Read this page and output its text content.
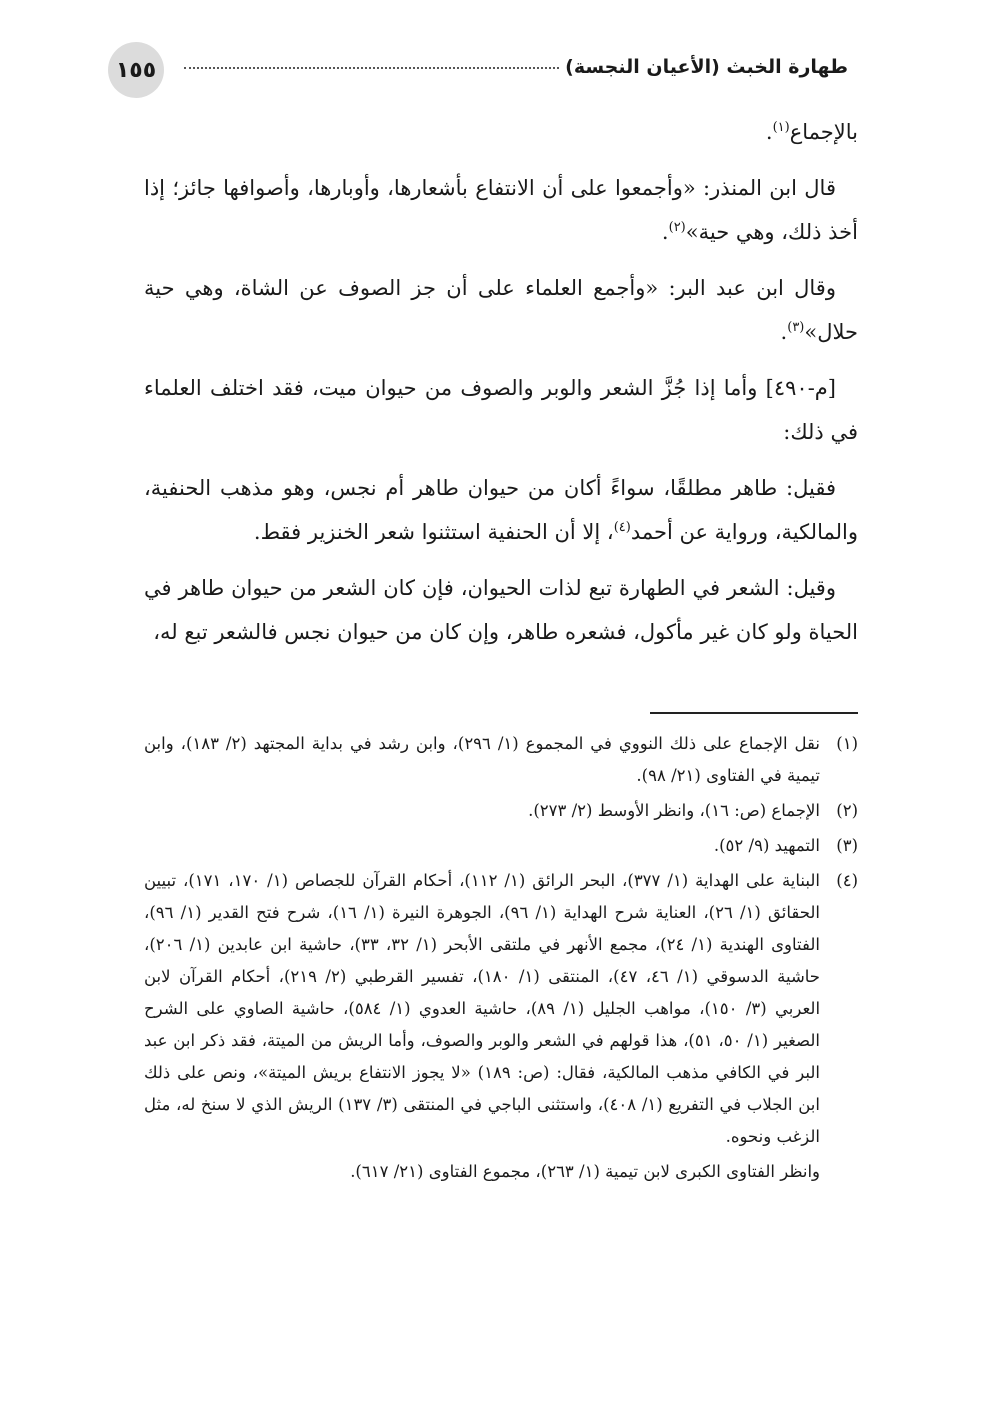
١٥٥	طهارة الخبث (الأعيان النجسة)

بالإجماع$^{(١)}$.

قال ابن المنذر: «وأجمعوا على أن الانتفاع بأشعارها، وأوبارها، وأصوافها جائز؛ إذا أخذ ذلك، وهي حية»$^{(٢)}$.

وقال ابن عبد البر: «وأجمع العلماء على أن جز الصوف عن الشاة، وهي حية حلال»$^{(٣)}$.

[م-٤٩٠] وأما إذا جُزَّ الشعر والوبر والصوف من حيوان ميت، فقد اختلف العلماء في ذلك:

فقيل: طاهر مطلقًا، سواءً أكان من حيوان طاهر أم نجس، وهو مذهب الحنفية، والمالكية، ورواية عن أحمد$^{(٤)}$، إلا أن الحنفية استثنوا شعر الخنزير فقط.

وقيل: الشعر في الطهارة تبع لذات الحيوان، فإن كان الشعر من حيوان طاهر في الحياة ولو كان غير مأكول، فشعره طاهر، وإن كان من حيوان نجس فالشعر تبع له،

(١)
نقل الإجماع على ذلك النووي في المجموع (١/ ٢٩٦)، وابن رشد في بداية المجتهد (٢/ ١٨٣)، وابن تيمية في الفتاوى (٢١/ ٩٨).
(٢)
الإجماع (ص: ١٦)، وانظر الأوسط (٢/ ٢٧٣).
(٣)
التمهيد (٩/ ٥٢).
(٤)
البناية على الهداية (١/ ٣٧٧)، البحر الرائق (١/ ١١٢)، أحكام القرآن للجصاص (١/ ١٧٠، ١٧١)، تبيين الحقائق (١/ ٢٦)، العناية شرح الهداية (١/ ٩٦)، الجوهرة النيرة (١/ ١٦)، شرح فتح القدير (١/ ٩٦)، الفتاوى الهندية (١/ ٢٤)، مجمع الأنهر في ملتقى الأبحر (١/ ٣٢، ٣٣)، حاشية ابن عابدين (١/ ٢٠٦)، حاشية الدسوقي (١/ ٤٦، ٤٧)، المنتقى (١/ ١٨٠)، تفسير القرطبي (٢/ ٢١٩)، أحكام القرآن لابن العربي (٣/ ١٥٠)، مواهب الجليل (١/ ٨٩)، حاشية العدوي (١/ ٥٨٤)، حاشية الصاوي على الشرح الصغير (١/ ٥٠، ٥١)، هذا قولهم في الشعر والوبر والصوف، وأما الريش من الميتة، فقد ذكر ابن عبد البر في الكافي مذهب المالكية، فقال: (ص: ١٨٩) «لا يجوز الانتفاع بريش الميتة»، ونص على ذلك ابن الجلاب في التفريع (١/ ٤٠٨)، واستثنى الباجي في المنتقى (٣/ ١٣٧) الريش الذي لا سنخ له، مثل الزغب ونحوه.
وانظر الفتاوى الكبرى لابن تيمية (١/ ٢٦٣)، مجموع الفتاوى (٢١/ ٦١٧).
